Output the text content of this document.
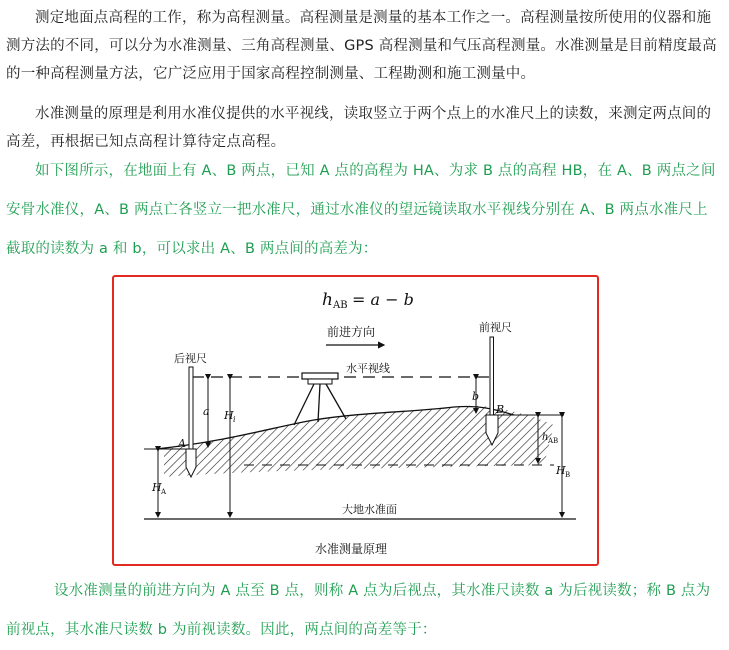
测定地面点高程的工作，称为高程测量。高程测量是测量的基本工作之一。高程测量按所使用的仪器和施测方法的不同，可以分为水准测量、三角高程测量、GPS 高程测量和气压高程测量。水准测量是目前精度最高的一种高程测量方法，它广泛应用于国家高程控制测量、工程勘测和施工测量中。

水准测量的原理是利用水准仪提供的水平视线，读取竖立于两个点上的水准尺上的读数，来测定两点间的高差，再根据已知点高程计算待定点高程。

如下图所示，在地面上有 A、B 两点，已知 A 点的高程为 HA、为求 B 点的高程 HB，在 A、B 两点之间安骨水准仪，A、B 两点亡各竖立一把水准尺，通过水准仪的望远镜读取水平视线分别在 A、B 两点水准尺上截取的读数为 a 和 b，可以求出 A、B 两点间的高差为：

h AB = a − b
前进方向
后视尺
前视尺
水平视线
大地水准面
A
B
a H i
H A
b
h AB
H B
水准测量原理

设水准测量的前进方向为 A 点至 B 点，则称 A 点为后视点，其水准尺读数 a 为后视读数；称 B 点为前视点，其水准尺读数 b 为前视读数。因此，两点间的高差等于：
